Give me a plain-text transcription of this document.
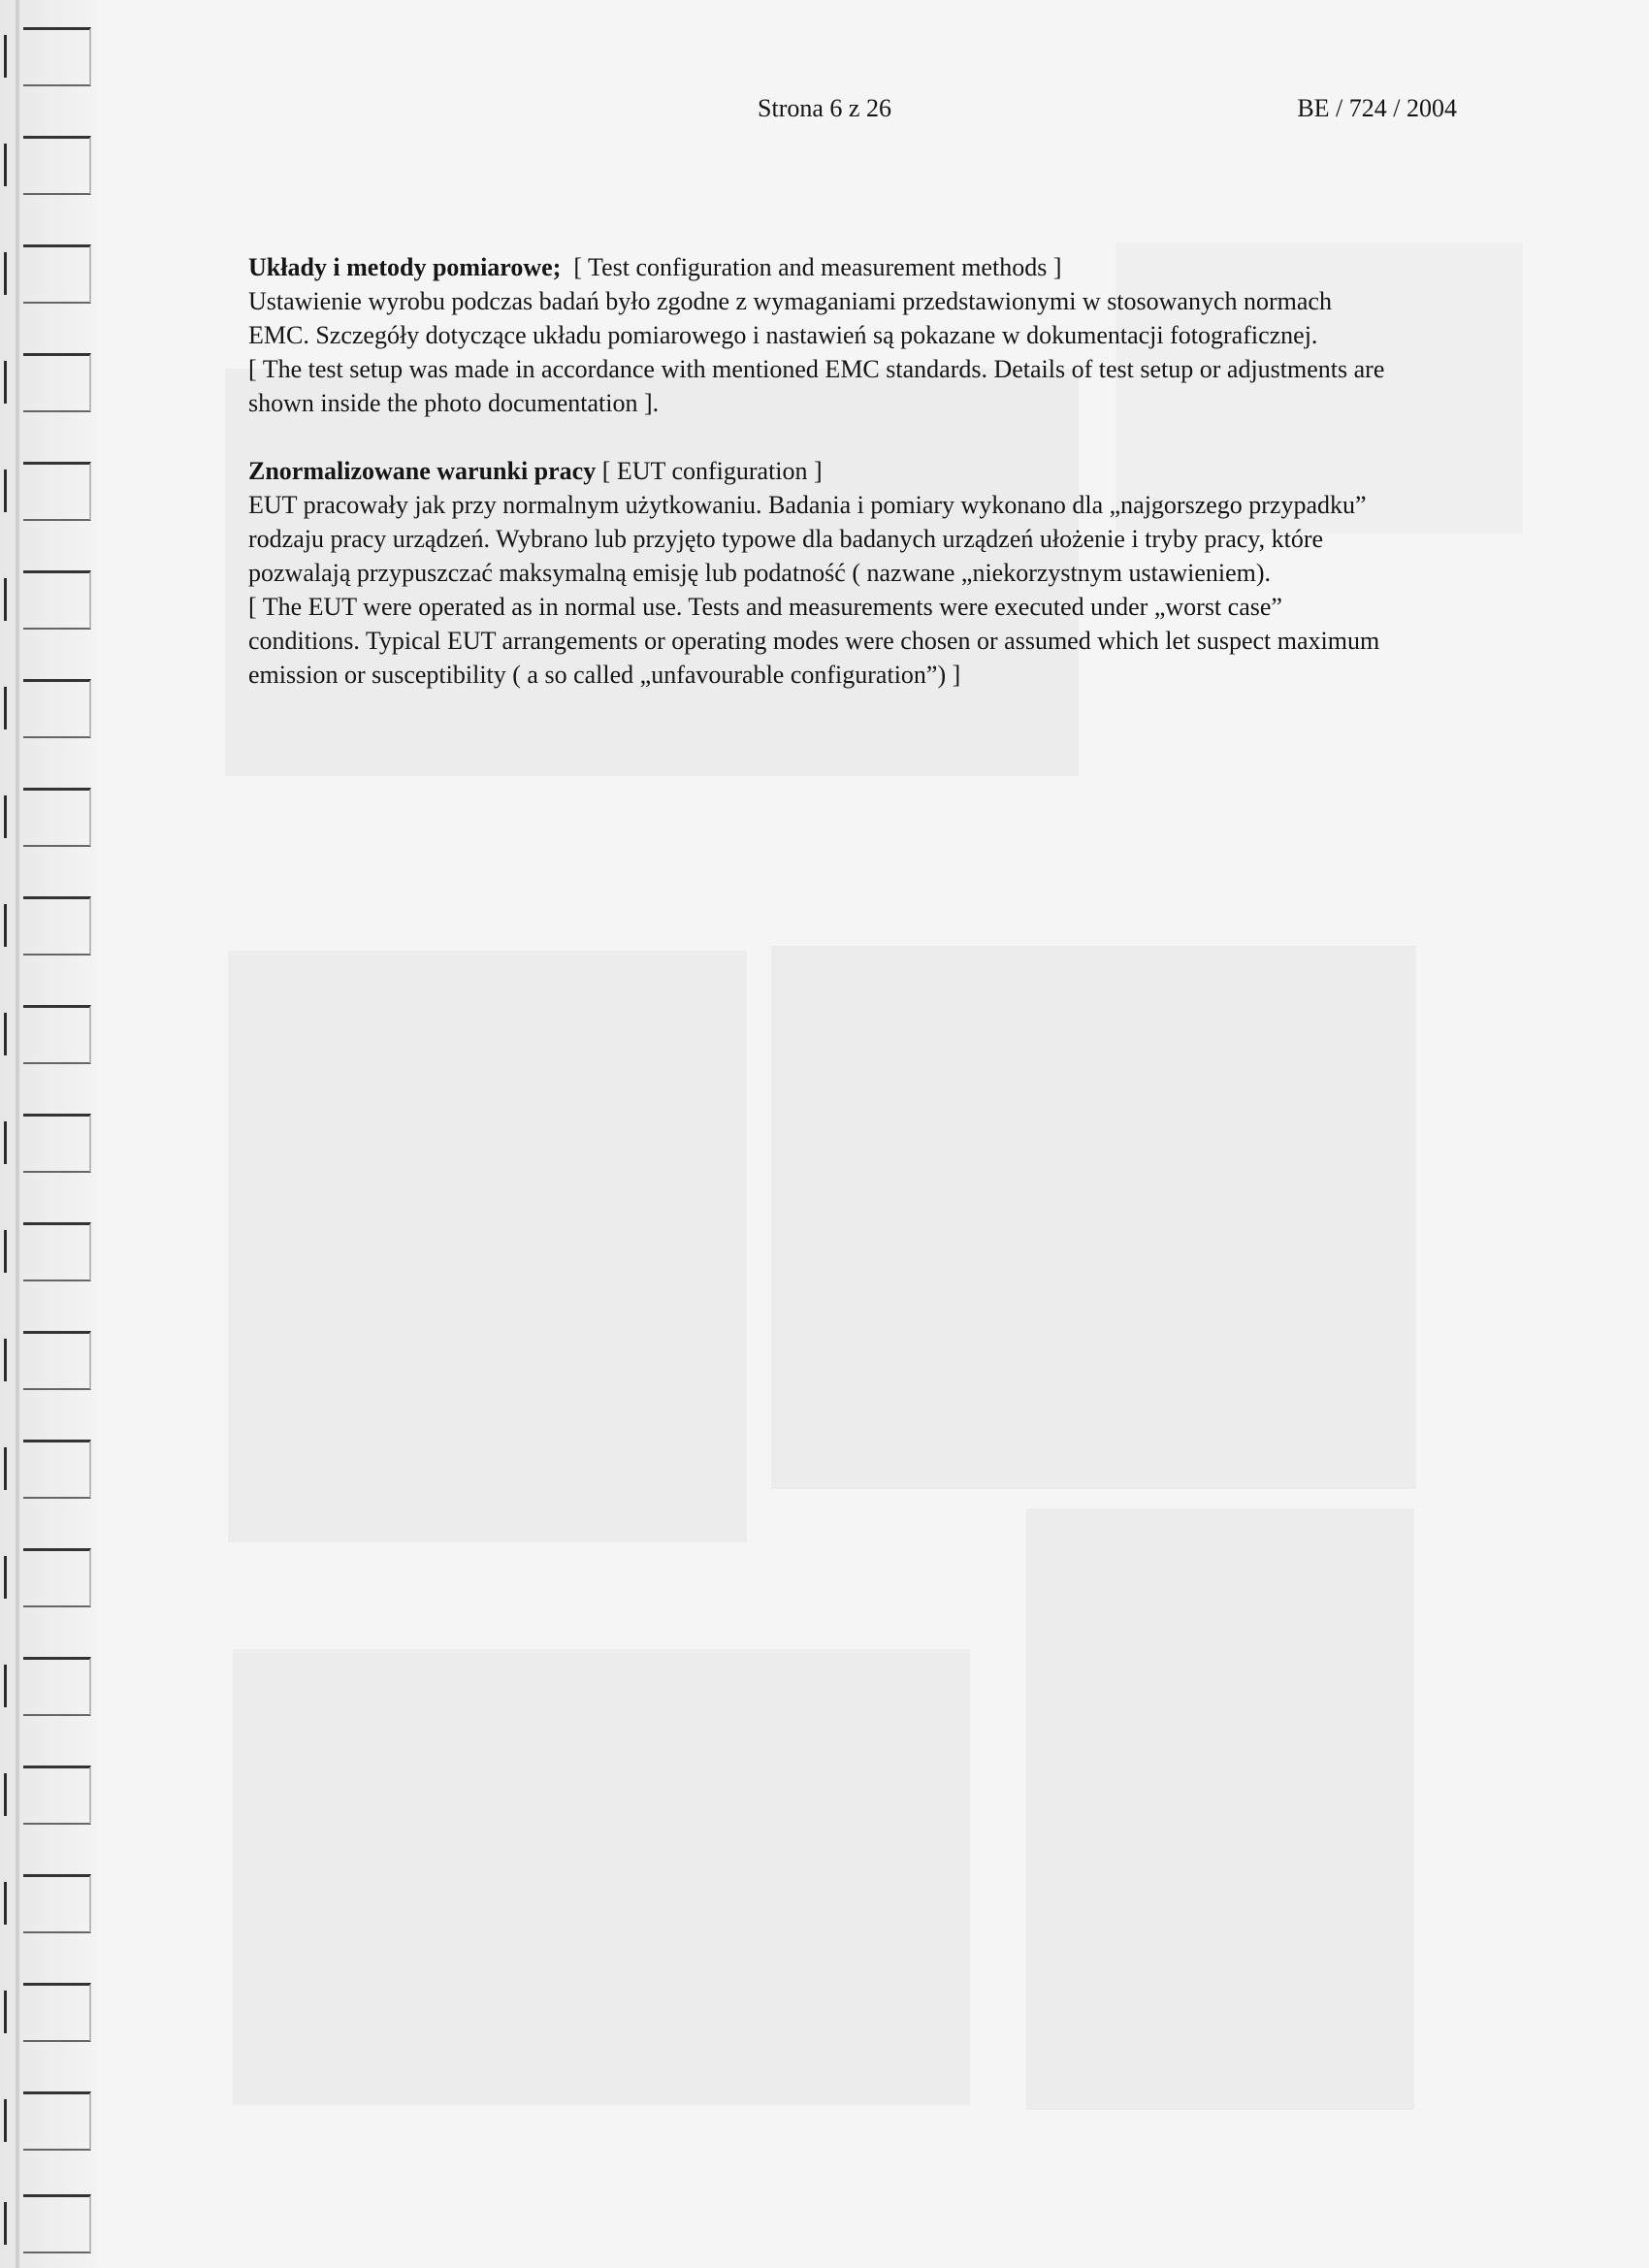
Strona 6 z 26	BE / 724 / 2004

Układy i metody pomiarowe; [ Test configuration and measurement methods ]

Ustawienie wyrobu podczas badań było zgodne z wymaganiami przedstawionymi w stosowanych normach

EMC. Szczegóły dotyczące układu pomiarowego i nastawień są pokazane w dokumentacji fotograficznej.

[ The test setup was made in accordance with mentioned EMC standards. Details of test setup or adjustments are

shown inside the photo documentation ].

Znormalizowane warunki pracy [ EUT configuration ]

EUT pracowały jak przy normalnym użytkowaniu. Badania i pomiary wykonano dla „najgorszego przypadku”

rodzaju pracy urządzeń. Wybrano lub przyjęto typowe dla badanych urządzeń ułożenie i tryby pracy, które

pozwalają przypuszczać maksymalną emisję lub podatność ( nazwane „niekorzystnym ustawieniem).

[ The EUT were operated as in normal use. Tests and measurements were executed under „worst case”

conditions. Typical EUT arrangements or operating modes were chosen or assumed which let suspect maximum

emission or susceptibility ( a so called „unfavourable configuration”) ]
